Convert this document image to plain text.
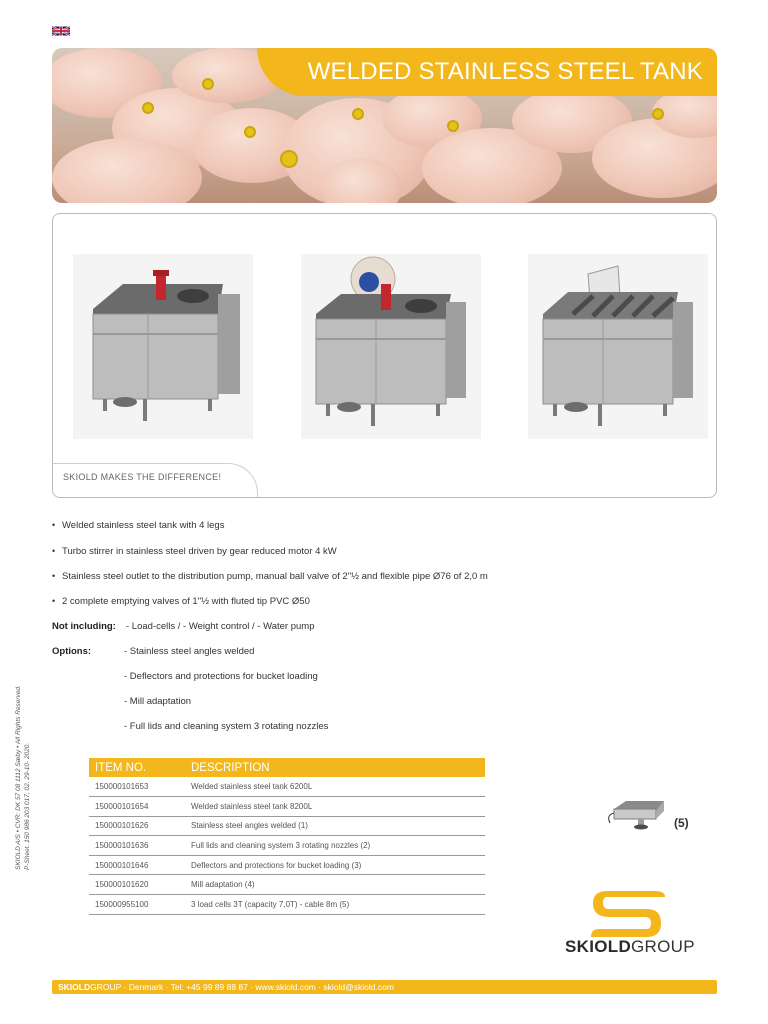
WELDED STAINLESS STEEL TANK
SKIOLD MAKES THE DIFFERENCE!
• Welded stainless steel tank with 4 legs
• Turbo stirrer in stainless steel driven by gear reduced motor 4 kW
• Stainless steel outlet to the distribution pump, manual ball valve of 2"½ and flexible pipe Ø76 of 2,0 m
• 2 complete emptying valves of 1"½ with fluted tip PVC Ø50
Not including: - Load-cells / - Weight control / - Water pump
Options:	- Stainless steel angles welded
- Deflectors and protections for bucket loading
- Mill adaptation
- Full lids and cleaning system 3 rotating nozzles
SKIOLD A/S • CVR: DK 57 08 1112 Sæby • All Rights Reserved. P-Sheet. 150 986 203 017, 02. 29-10- 2020.	ITEM NO.	DESCRIPTION
150000101653	Welded stainless steel tank 6200L
150000101654	Welded stainless steel tank 8200L
150000101626	Stainless steel angles welded (1)
150000101636	Full lids and cleaning system 3 rotating nozzles (2)
150000101646	Deflectors and protections for bucket loading (3)
150000101620	Mill adaptation (4)
150000955100	3 load cells 3T (capacity 7,0T) - cable 8m (5)
(5)
SKIOLDGROUP
SKIOLDGROUP · Denmark · Tel: +45 99 89 88 87 · www.skiold.com · skiold@skiold.com
